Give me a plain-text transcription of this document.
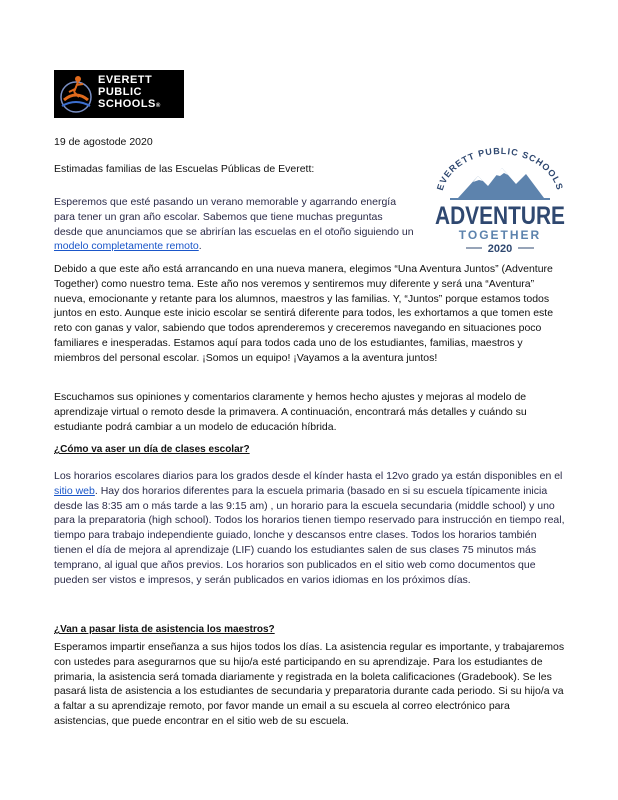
EVERETT
PUBLIC
SCHOOLS®
EVERETT PUBLIC SCHOOLS
ADVENTURE
TOGETHER
2020
19 de agostode 2020
Estimadas familias de las Escuelas Públicas de Everett:
Esperemos que esté pasando un verano memorable y agarrando energía para tener un gran año escolar. Sabemos que tiene muchas preguntas desde que anunciamos que se abrirían las escuelas en el otoño siguiendo un modelo completamente remoto.
Debido a que este año está arrancando en una nueva manera, elegimos “Una Aventura Juntos” (Adventure Together) como nuestro tema. Este año nos veremos y sentiremos muy diferente y será una “Aventura” nueva, emocionante y retante para los alumnos, maestros y las familias. Y, “Juntos” porque estamos todos juntos en esto. Aunque este inicio escolar se sentirá diferente para todos, les exhortamos a que tomen este reto con ganas y valor, sabiendo que todos aprenderemos y creceremos navegando en situaciones poco familiares e inesperadas. Estamos aquí para todos cada uno de los estudiantes, familias, maestros y miembros del personal escolar. ¡Somos un equipo! ¡Vayamos a la aventura juntos!
Escuchamos sus opiniones y comentarios claramente y hemos hecho ajustes y mejoras al modelo de aprendizaje virtual o remoto desde la primavera. A continuación, encontrará más detalles y cuándo su estudiante podrá cambiar a un modelo de educación híbrida.
¿Cómo va aser un día de clases escolar?
Los horarios escolares diarios para los grados desde el kínder hasta el 12vo grado ya están disponibles en el sitio web. Hay dos horarios diferentes para la escuela primaria (basado en si su escuela típicamente inicia desde las 8:35 am o más tarde a las 9:15 am) , un horario para la escuela secundaria (middle school) y uno para la preparatoria (high school). Todos los horarios tienen tiempo reservado para instrucción en tiempo real, tiempo para trabajo independiente guiado, lonche y descansos entre clases. Todos los horarios también tienen el día de mejora al aprendizaje (LIF) cuando los estudiantes salen de sus clases 75 minutos más temprano, al igual que años previos. Los horarios son publicados en el sitio web como documentos que pueden ser vistos e impresos, y serán publicados en varios idiomas en los próximos días.
¿Van a pasar lista de asistencia los maestros?
Esperamos impartir enseñanza a sus hijos todos los días. La asistencia regular es importante, y trabajaremos con ustedes para asegurarnos que su hijo/a esté participando en su aprendizaje. Para los estudiantes de primaria, la asistencia será tomada diariamente y registrada en la boleta calificaciones (Gradebook). Se les pasará lista de asistencia a los estudiantes de secundaria y preparatoria durante cada periodo. Si su hijo/a va a faltar a su aprendizaje remoto, por favor mande un email a su escuela al correo electrónico para asistencias, que puede encontrar en el sitio web de su escuela.
